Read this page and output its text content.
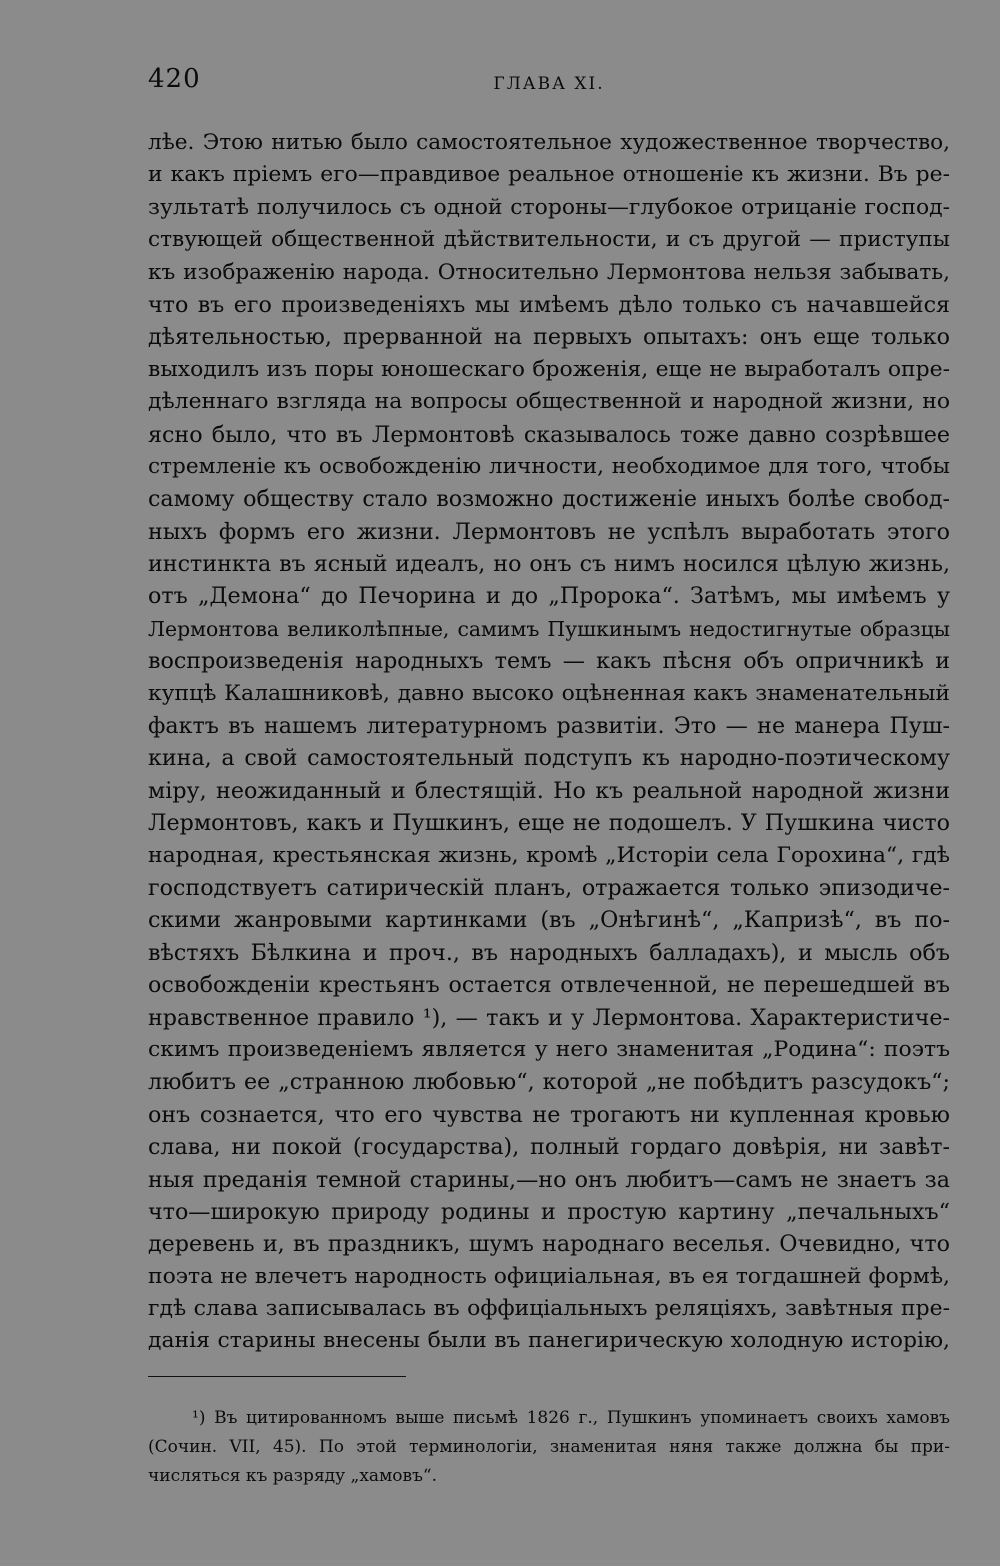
420	ГЛАВА XI.
лѣе. Этою нитью было самостоятельное художественное творчество,
и какъ пріемъ его—правдивое реальное отношеніе къ жизни. Въ ре-
зультатѣ получилось съ одной стороны—глубокое отрицаніе господ-
ствующей общественной дѣйствительности, и съ другой — приступы
къ изображенію народа. Относительно Лермонтова нельзя забывать,
что въ его произведеніяхъ мы имѣемъ дѣло только съ начавшейся
дѣятельностью, прерванной на первыхъ опытахъ: онъ еще только
выходилъ изъ поры юношескаго броженія, еще не выработалъ опре-
дѣленнаго взгляда на вопросы общественной и народной жизни, но
ясно было, что въ Лермонтовѣ сказывалось тоже давно созрѣвшее
стремленіе къ освобожденію личности, необходимое для того, чтобы
самому обществу стало возможно достиженіе иныхъ болѣе свобод-
ныхъ формъ его жизни. Лермонтовъ не успѣлъ выработать этого
инстинкта въ ясный идеалъ, но онъ съ нимъ носился цѣлую жизнь,
отъ „Демона“ до Печорина и до „Пророка“. Затѣмъ, мы имѣемъ у
Лермонтова великолѣпные, самимъ Пушкинымъ недостигнутые образцы
воспроизведенія народныхъ темъ — какъ пѣсня объ опричникѣ и
купцѣ Калашниковѣ, давно высоко оцѣненная какъ знаменательный
фактъ въ нашемъ литературномъ развитіи. Это — не манера Пуш-
кина, а свой самостоятельный подступъ къ народно-поэтическому
міру, неожиданный и блестящій. Но къ реальной народной жизни
Лермонтовъ, какъ и Пушкинъ, еще не подошелъ. У Пушкина чисто
народная, крестьянская жизнь, кромѣ „Исторіи села Горохина“, гдѣ
господствуетъ сатирическій планъ, отражается только эпизодиче-
скими жанровыми картинками (въ „Онѣгинѣ“, „Капризѣ“, въ по-
вѣстяхъ Бѣлкина и проч., въ народныхъ балладахъ), и мысль объ
освобожденіи крестьянъ остается отвлеченной, не перешедшей въ
нравственное правило ¹), — такъ и у Лермонтова. Характеристиче-
скимъ произведеніемъ является у него знаменитая „Родина“: поэтъ
любитъ ее „странною любовью“, которой „не побѣдитъ разсудокъ“;
онъ сознается, что его чувства не трогаютъ ни купленная кровью
слава, ни покой (государства), полный гордаго довѣрія, ни завѣт-
ныя преданія темной старины,—но онъ любитъ—самъ не знаетъ за
что—широкую природу родины и простую картину „печальныхъ“
деревень и, въ праздникъ, шумъ народнаго веселья. Очевидно, что
поэта не влечетъ народность официіальная, въ ея тогдашней формѣ,
гдѣ слава записывалась въ оффиціальныхъ реляціяхъ, завѣтныя пре-
данія старины внесены были въ панегирическую холодную исторію,
¹) Въ цитированномъ выше письмѣ 1826 г., Пушкинъ упоминаетъ своихъ хамовъ
(Сочин. VII, 45). По этой терминологіи, знаменитая няня также должна бы при-
числяться къ разряду „хамовъ“.
